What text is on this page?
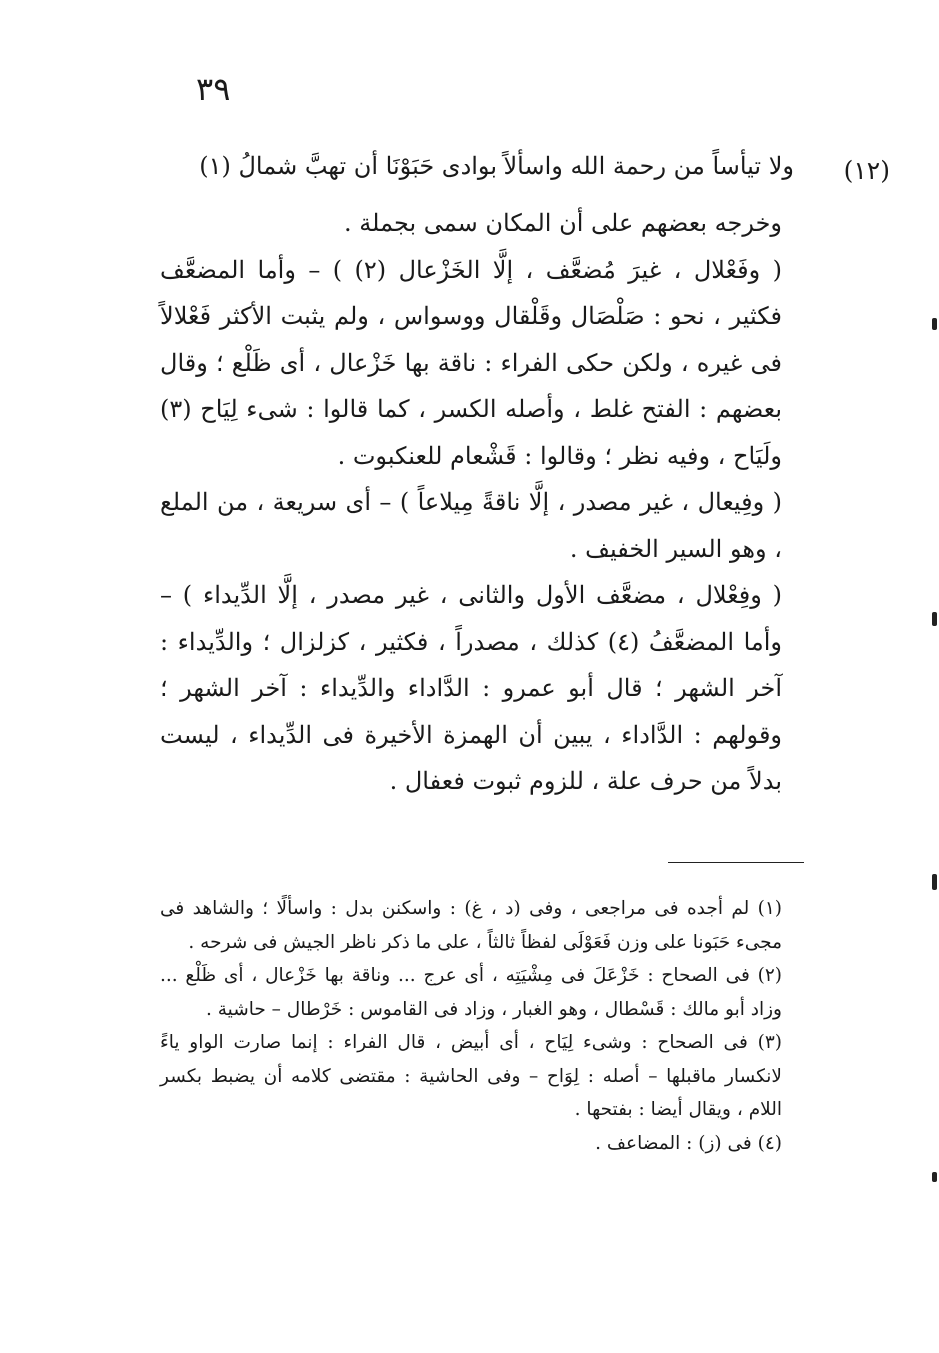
٣٩
(١٢)
ولا تيأساً من رحمة الله واسألاً
بوادى حَبَوْنَا أن تهبَّ شمالُ (١)

وخرجه بعضهم على أن المكان سمى بجملة .

( وفَعْلال ، غيرَ مُضعَّف ، إلَّا الخَزْعال (٢) ) – وأما المضعَّف فكثير ، نحو : صَلْصَال وقَلْقال ووسواس ، ولم يثبت الأكثر فَعْلالاً فى غيره ، ولكن حكى الفراء : ناقة بها خَزْعال ، أى ظَلْع ؛ وقال بعضهم : الفتح غلط ، وأصله الكسر ، كما قالوا : شىء لِيَاح (٣) ولَيَاح ، وفيه نظر ؛ وقالوا : قَشْعام للعنكبوت .

( وفِيعال ، غير مصدر ، إلَّا ناقةً مِيلاعاً ) – أى سريعة ، من الملع ، وهو السير الخفيف .

( وفِعْلال ، مضعَّف الأول والثانى ، غير مصدر ، إلَّا الدِّيداء ) – وأما المضعَّفُ (٤) كذلك ، مصدراً ، فكثير ، كزلزال ؛ والدِّيداء : آخر الشهر ؛ قال أبو عمرو : الدَّاداء والدِّيداء : آخر الشهر ؛ وقولهم : الدَّاداء ، يبين أن الهمزة الأخيرة فى الدِّيداء ، ليست بدلاً من حرف علة ، للزوم ثبوت فعفال .

(١) لم أجده فى مراجعى ، وفى (د ، غ) : واسكنن بدل : واسألًا ؛ والشاهد فى مجىء حَبَونا على وزن فَعَوْلَى لفظاً ثالثاً ، على ما ذكر ناظر الجيش فى شرحه .

(٢) فى الصحاح : خَزْعَلَ فى مِشْيَتِه ، أى عرج ... وناقة بها خَزْعال ، أى ظَلْع ... وزاد أبو مالك : قَسْطال ، وهو الغبار ، وزاد فى القاموس : خَرْطال – حاشية .

(٣) فى الصحاح : وشىء لِيَاح ، أى أبيض ، قال الفراء : إنما صارت الواو ياءً لانكسار ماقبلها – أصله : لِوَاح – وفى الحاشية : مقتضى كلامه أن يضبط بكسر اللام ، ويقال أيضا : بفتحها .

(٤) فى (ز) : المضاعف .
